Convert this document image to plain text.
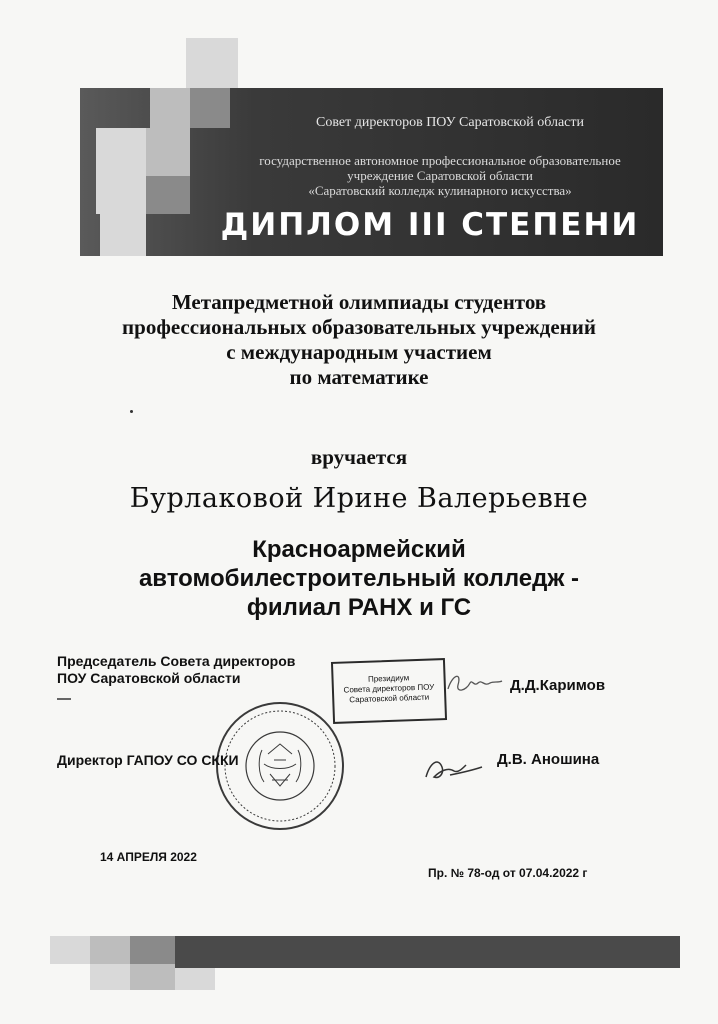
Совет директоров ПОУ Саратовской области
государственное автономное профессиональное образовательное
учреждение Саратовской области
«Саратовский колледж кулинарного искусства»
ДИПЛОМ III СТЕПЕНИ
Метапредметной олимпиады студентов
профессиональных образовательных учреждений
с международным участием
по математике
вручается
Бурлаковой Ирине Валерьевне
Красноармейский
автомобилестроительный колледж -
филиал РАНХ и ГС
Председатель Совета директоров
ПОУ Саратовской области	Президиум
Совета директоров ПОУ
Саратовской области
Д.Д.Каримов
Директор ГАПОУ СО СККИ	Д.В. Аношина
14 АПРЕЛЯ 2022
Пр. № 78-од от 07.04.2022 г
